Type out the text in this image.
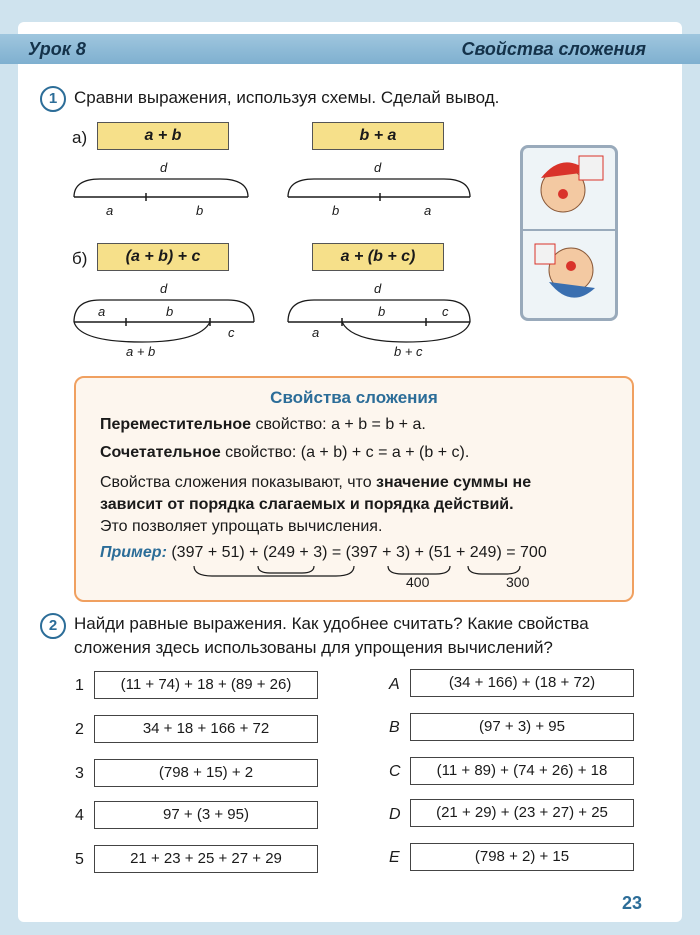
Урок 8	Свойства сложения
1 Сравни выражения, используя схемы. Сделай вывод.
а)	a + b	b + a
d
a	b
d
b	a
б)	(a + b) + c	a + (b + c)
d
a	b
c
a + b
d
a
b	c
b + c
Свойства сложения
Переместительное свойство: a + b = b + a.
Сочетательное свойство: (a + b) + c = a + (b + c).
Свойства сложения показывают, что значение суммы не
зависит от порядка слагаемых и порядка действий.
Это позволяет упрощать вычисления.
Пример: (397 + 51) + (249 + 3) = (397 + 3) + (51 + 249) = 700
400	300
2 Найди равные выражения. Как удобнее считать? Какие свойства
сложения здесь использованы для упрощения вычислений?
1	(11 + 74) + 18 + (89 + 26)
2	34 + 18 + 166 + 72
3	(798 + 15) + 2
4	97 + (3 + 95)
5	21 + 23 + 25 + 27 + 29
A	(34 + 166) + (18 + 72)
B	(97 + 3) + 95
C	(11 + 89) + (74 + 26) + 18
D	(21 + 29) + (23 + 27) + 25
E	(798 + 2) + 15
23
